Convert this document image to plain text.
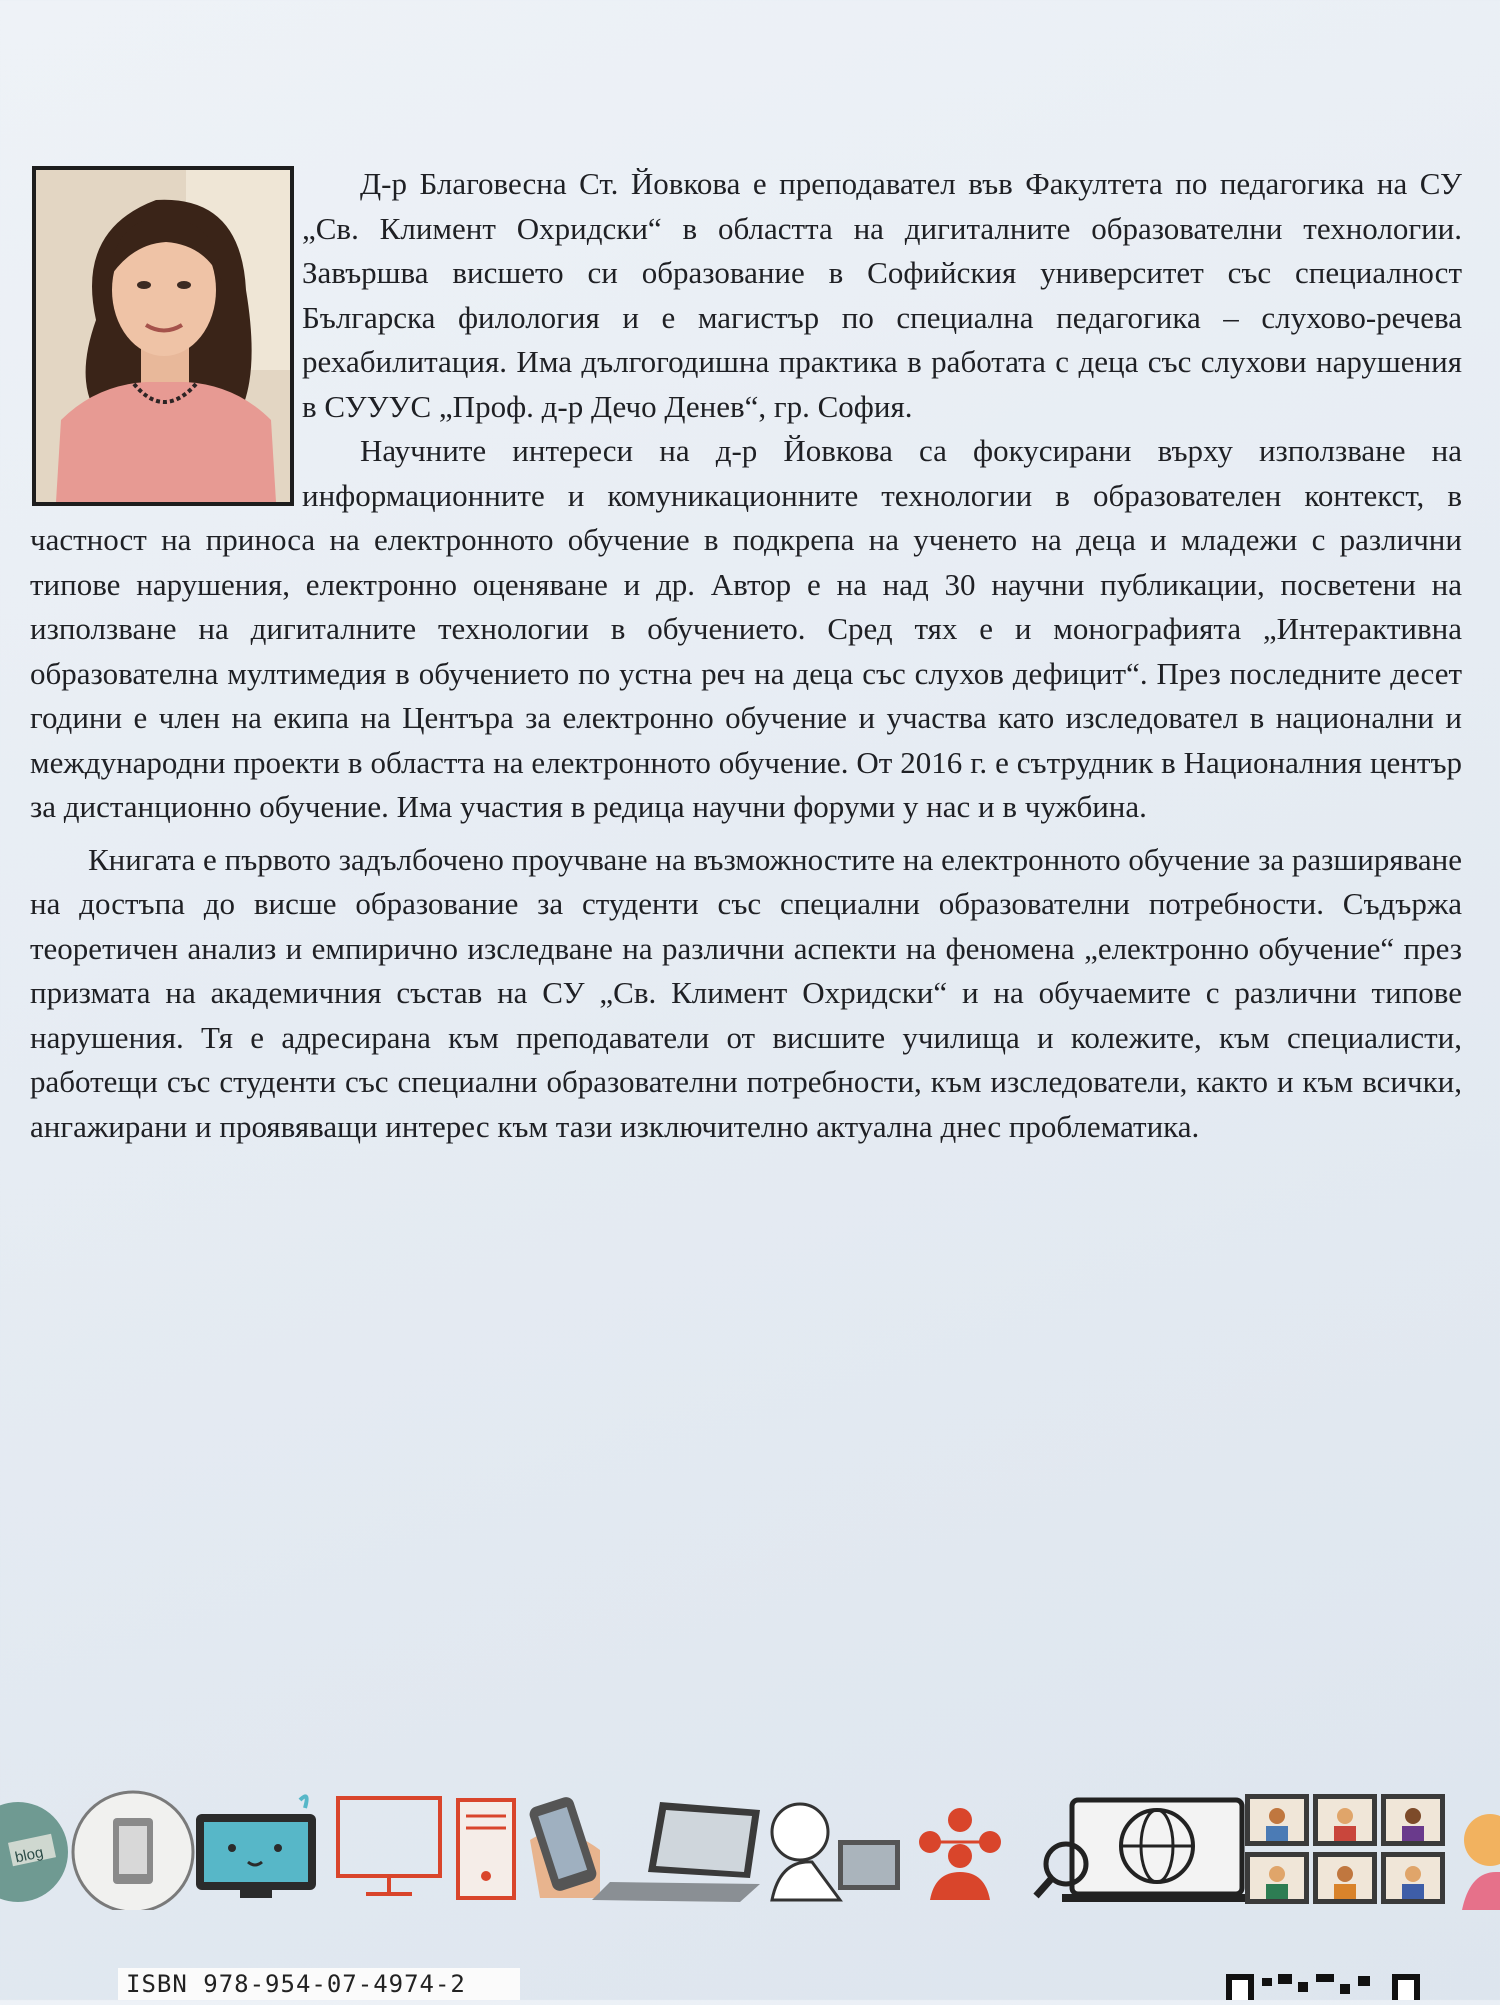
Д-р Благовесна Ст. Йовкова е преподавател във Факултета по педагогика на СУ „Св. Климент Охридски“ в областта на дигиталните образователни технологии. Завършва висшето си образование в Софийския университет със специалност Българска филология и е магистър по специална педагогика – слухово-речева рехабилитация. Има дългогодишна практика в работата с деца със слухови нарушения в СУУУС „Проф. д-р Дечо Денев“, гр. София.

Научните интереси на д-р Йовкова са фокусирани върху използване на информационните и комуникационните технологии в образователен контекст, в частност на приноса на електронното обучение в подкрепа на ученето на деца и младежи с различни типове нарушения, електронно оценяване и др. Автор е на над 30 научни публикации, посветени на използване на дигиталните технологии в обучението. Сред тях е и монографията „Интерактивна образователна мултимедия в обучението по устна реч на деца със слухов дефицит“. През последните десет години е член на екипа на Центъра за електронно обучение и участва като изследовател в национални и международни проекти в областта на електронното обучение. От 2016 г. е сътрудник в Националния център за дистанционно обучение. Има участия в редица научни форуми у нас и в чужбина.

Книгата е първото задълбочено проучване на възможностите на електронното обучение за разширяване на достъпа до висше образование за студенти със специални образователни потребности. Съдържа теоретичен анализ и емпирично изследване на различни аспекти на феномена „електронно обучение“ през призмата на академичния състав на СУ „Св. Климент Охридски“ и на обучаемите с различни типове нарушения. Тя е адресирана към преподаватели от висшите училища и колежите, към специалисти, работещи със студенти със специални образователни потребности, към изследователи, както и към всички, ангажирани и проявяващи интерес към тази изключително актуална днес проблематика.

blog
ISBN 978-954-07-4974-2
